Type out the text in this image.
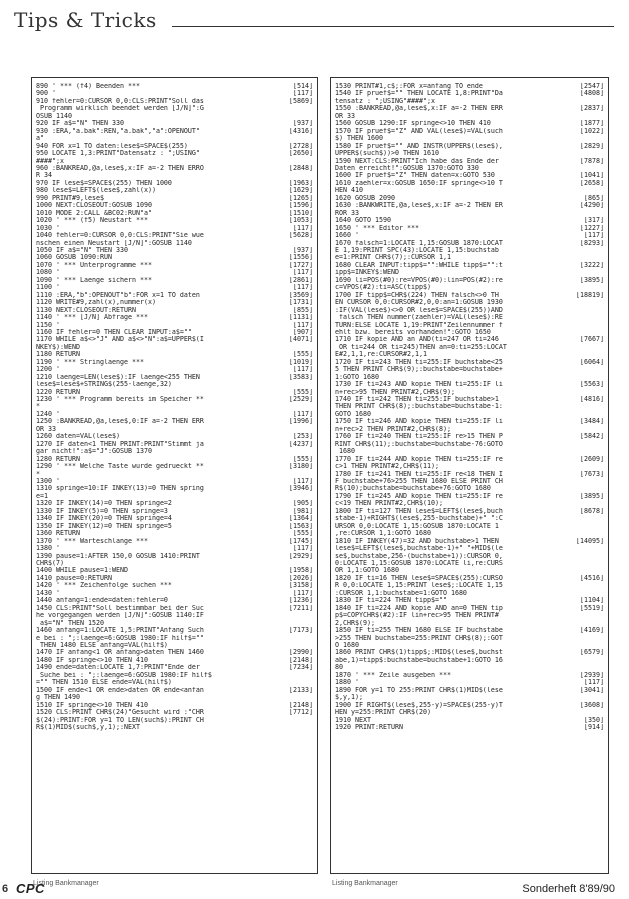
Tips & Tricks
890 ' *** (f4) Beenden ***	[514]
900 '	[117]
910 fehler=0:CURSOR 0,0:CLS:PRINT"Soll das	[5869]
Programm wirklich beendet werden [J/N]":G
OSUB 1140
920 IF a$="N" THEN 330	[937]
930 :ERA,"a.bak":REN,"a.bak","a":OPENOUT"	[4316]
a"
940 FOR x=1 TO daten:lese$=SPACE$(255)	[2728]
950 LOCATE 1,3:PRINT"Datensatz : ";USING"	[2650]
####";x
960 :BANKREAD,@a,lese$,x:IF a=-2 THEN ERRO	[2848]
R 34
970 IF lese$=SPACE$(255) THEN 1000	[1963]
980 lese$=LEFT$(lese$,zahl(x))	[1629]
990 PRINT#9,lese$	[1265]
1000 NEXT:CLOSEOUT:GOSUB 1090	[1596]
1010 MODE 2:CALL &BC02:RUN"a"	[1510]
1020 ' *** (f5) Neustart ***	[1053]
1030 '	[117]
1040 fehler=0:CURSOR 0,0:CLS:PRINT"Sie wue	[5628]
nschen einen Neustart [J/N]":GOSUB 1140
1050 IF a$="N" THEN 330	[937]
1060 GOSUB 1090:RUN	[1556]
1070 ' *** Unterprogramme ***	[1727]
1080 '	[117]
1090 ' *** Laenge sichern ***	[2861]
1100 '	[117]
1110 :ERA,"b":OPENOUT"b":FOR x=1 TO daten	[3569]
1120 WRITE#9,zahl(x),nummer(x)	[1731]
1130 NEXT:CLOSEOUT:RETURN	[855]
1140 ' *** [J/N] Abfrage ***	[1131]
1150 '	[117]
1160 IF fehler=0 THEN CLEAR INPUT:a$=""	[907]
1170 WHILE a$<>"J" AND a$<>"N":a$=UPPER$(I	[4071]
NKEY$):WEND
1180 RETURN	[555]
1190 ' *** Stringlaenge ***	[1019]
1200 '	[117]
1210 laenge=LEN(lese$):IF laenge<255 THEN	[3583]
lese$=lese$+STRING$(255-laenge,32)
1220 RETURN	[555]
1230 ' *** Programm bereits im Speicher **	[2529]
*
1240 '	[117]
1250 :BANKREAD,@a,lese$,0:IF a=-2 THEN ERR	[1996]
OR 33
1260 daten=VAL(lese$)	[253]
1270 IF daten<1 THEN PRINT:PRINT"Stimmt ja	[4237]
gar nicht!":a$="J":GOSUB 1370
1280 RETURN	[555]
1290 ' *** Welche Taste wurde gedrueckt **	[3180]
*
1300 '	[117]
1310 springe=10:IF INKEY(13)=0 THEN spring	[3946]
e=1
1320 IF INKEY(14)=0 THEN springe=2	[905]
1330 IF INKEY(5)=0 THEN springe=3	[981]
1340 IF INKEY(20)=0 THEN springe=4	[1364]
1350 IF INKEY(12)=0 THEN springe=5	[1563]
1360 RETURN	[555]
1370 ' *** Warteschlange ***	[1745]
1380 '	[117]
1390 pause=1:AFTER 150,0 GOSUB 1410:PRINT	[2929]
CHR$(7)
1400 WHILE pause=1:WEND	[1958]
1410 pause=0:RETURN	[2026]
1420 ' *** Zeichenfolge suchen ***	[3158]
1430 '	[117]
1440 anfang=1:ende=daten:fehler=0	[1236]
1450 CLS:PRINT"Soll bestimmbar bei der Suc	[7211]
he vorgegangen werden [J/N]":GOSUB 1140:IF
a$="N" THEN 1520
1460 anfang=1:LOCATE 1,5:PRINT"Anfang Such	[7173]
e bei : ";:laenge=6:GOSUB 1980:IF hilf$=""
THEN 1480 ELSE anfang=VAL(hilf$)
1470 IF anfang<1 OR anfang>daten THEN 1460	[2990]
1480 IF springe<>10 THEN 410	[2148]
1490 ende=daten:LOCATE 1,7:PRINT"Ende der	[7234]
Suche bei : ";:laenge=6:GOSUB 1980:IF hilf$
="" THEN 1510 ELSE ende=VAL(hilf$)
1500 IF ende<1 OR ende>daten OR ende<anfan	[2133]
g THEN 1490
1510 IF springe<>10 THEN 410	[2148]
1520 CLS:PRINT CHR$(24)"Gesucht wird :"CHR	[7712]
$(24):PRINT:FOR y=1 TO LEN(such$):PRINT CH
R$(1)MID$(such$,y,1);:NEXT
1530 PRINT#1,c$;:FOR x=anfang TO ende	[2547]
1540 IF pruef$="" THEN LOCATE 1,8:PRINT"Da	[4808]
tensatz : ";USING"####";x
1550 :BANKREAD,@a,lese$,x:IF a=-2 THEN ERR	[2837]
OR 33
1560 GOSUB 1290:IF springe<>10 THEN 410	[1877]
1570 IF pruef$="Z" AND VAL(lese$)=VAL(such	[1022]
$) THEN 1600
1580 IF pruef$="" AND INSTR(UPPER$(lese$),	[2829]
UPPER$(such$))>0 THEN 1610
1590 NEXT:CLS:PRINT"Ich habe das Ende der	[7878]
Daten erreicht!":GOSUB 1370:GOTO 330
1600 IF pruef$="Z" THEN daten=x:GOTO 530	[1041]
1610 zaehler=x:GOSUB 1650:IF springe<>10 T	[2658]
HEN 410
1620 GOSUB 2090	[865]
1630 :BANKWRITE,@a,lese$,x:IF a=-2 THEN ER	[4290]
ROR 33
1640 GOTO 1590	[317]
1650 ' *** Editor ***	[1227]
1660 '	[117]
1670 falsch=1:LOCATE 1,15:GOSUB 1870:LOCAT	[8293]
E 1,19:PRINT SPC(43):LOCATE 1,15:buchstab
e=1:PRINT CHR$(7);:CURSOR 1,1
1680 CLEAR INPUT:tipp$="":WHILE tipp$="":t	[3222]
ipp$=INKEY$:WEND
1690 li=POS(#0):re=VPOS(#0):lin=POS(#2):re	[3895]
c=VPOS(#2):ti=ASC(tipp$)
1700 IF tipp$=CHR$(224) THEN falsch<>0 TH	[18819]
EN CURSOR 0,0:CURSOR#2,0,0:an=1:GOSUB 1930
:IF(VAL(lese$)<>0 OR lese$=SPACE$(255))AND
falsch THEN nummer(zaehler)=VAL(lese$):RE
TURN:ELSE LOCATE 1,19:PRINT"Zeilennummer f
ehlt bzw. bereits vorhanden!":GOTO 1650
1710 IF kopie AND an AND(ti=247 OR ti=246	[7667]
OR ti=244 OR ti=245)THEN an=0:ti=255:LOCAT
E#2,1,1,re:CURSOR#2,1,1
1720 IF ti=243 THEN ti=255:IF buchstabe<25	[6064]
5 THEN PRINT CHR$(9);:buchstabe=buchstabe+
1:GOTO 1680
1730 IF ti=243 AND kopie THEN ti=255:IF li	[5563]
n+rec>95 THEN PRINT#2,CHR$(9);
1740 IF ti=242 THEN ti=255:IF buchstabe>1	[4816]
THEN PRINT CHR$(8);:buchstabe=buchstabe-1:
GOTO 1680
1750 IF ti=246 AND kopie THEN ti=255:IF li	[3484]
n+rec>2 THEN PRINT#2,CHR$(8);
1760 IF ti=240 THEN ti=255:IF re>15 THEN P	[5842]
RINT CHR$(11);:buchstabe=buchstabe-76:GOTO
1680
1770 IF ti=244 AND kopie THEN ti=255:IF re	[2609]
c>1 THEN PRINT#2,CHR$(11);
1780 IF ti=241 THEN ti=255:IF re<18 THEN I	[7673]
F buchstabe+76>255 THEN 1680 ELSE PRINT CH
R$(10);buchstabe=buchstabe+76:GOTO 1680
1790 IF ti=245 AND kopie THEN ti=255:IF re	[3895]
c<19 THEN PRINT#2,CHR$(10);
1800 IF ti=127 THEN lese$=LEFT$(lese$,buch	[8678]
stabe-1)+RIGHT$(lese$,255-buchstabe)+" ":C
URSOR 0,0:LOCATE 1,15:GOSUB 1870:LOCATE 1
,re:CURSOR 1,1:GOTO 1680
1810 IF INKEY(47)=32 AND buchstabe>1 THEN	[14095]
lese$=LEFT$(lese$,buchstabe-1)+" "+MID$(le
se$,buchstabe,256-(buchstabe+1)):CURSOR 0,
0:LOCATE 1,15:GOSUB 1870:LOCATE li,re:CURS
OR 1,1:GOTO 1680
1820 IF ti=16 THEN lese$=SPACE$(255):CURSO	[4516]
R 0,0:LOCATE 1,15:PRINT lese$;:LOCATE 1,15
:CURSOR 1,1:buchstabe=1:GOTO 1680
1830 IF ti=224 THEN tipp$=""	[1104]
1840 IF ti=224 AND kopie AND an=0 THEN tip	[5519]
p$=COPYCHR$(#2):IF lin+rec>95 THEN PRINT#
2,CHR$(9);
1850 IF ti=255 THEN 1680 ELSE IF buchstabe	[4169]
>255 THEN buchstabe=255:PRINT CHR$(8);:GOT
O 1680
1860 PRINT CHR$(1)tipp$;:MID$(lese$,buchst	[6579]
abe,1)=tipp$:buchstabe=buchstabe+1:GOTO 16
80
1870 ' *** Zeile ausgeben ***	[2939]
1880 '	[117]
1890 FOR y=1 TO 255:PRINT CHR$(1)MID$(lese	[3041]
$,y,1);
1900 IF RIGHT$(lese$,255-y)=SPACE$(255-y)T	[3608]
HEN y=255:PRINT CHR$(20)
1910 NEXT	[350]
1920 PRINT:RETURN	[914]
Listing Bankmanager	Listing Bankmanager
6 CPC	Sonderheft 8'89/90
